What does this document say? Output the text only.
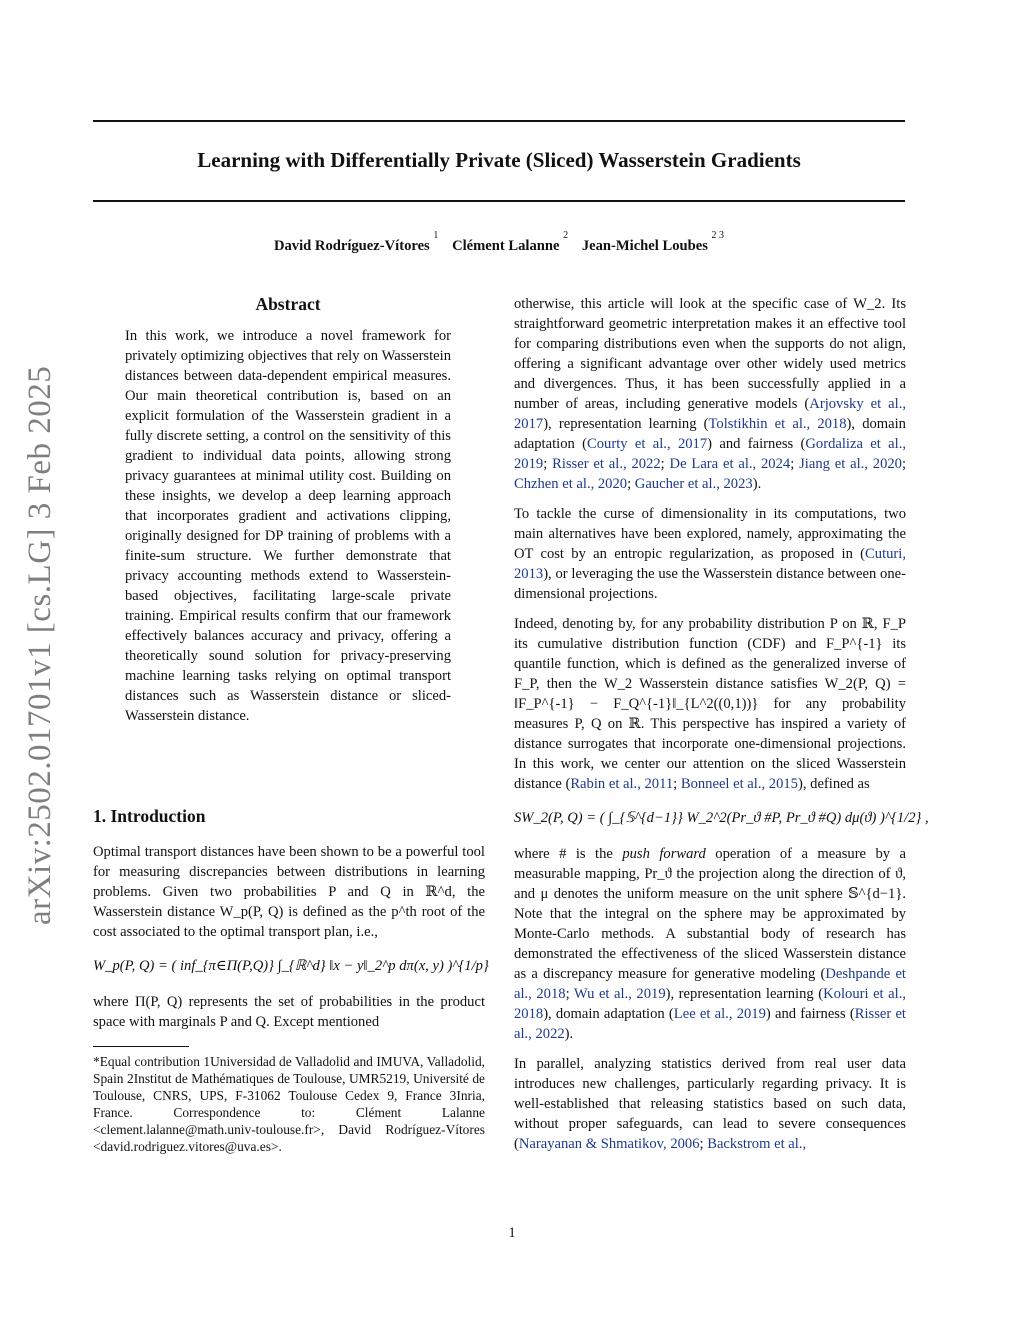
Learning with Differentially Private (Sliced) Wasserstein Gradients
David Rodríguez-Vítores $^1$ Clément Lalanne $^2$ Jean-Michel Loubes $^{2 3}$
arXiv:2502.01701v1 [cs.LG] 3 Feb 2025
Abstract

In this work, we introduce a novel framework for privately optimizing objectives that rely on Wasserstein distances between data-dependent empirical measures. Our main theoretical contribution is, based on an explicit formulation of the Wasserstein gradient in a fully discrete setting, a control on the sensitivity of this gradient to individual data points, allowing strong privacy guarantees at minimal utility cost. Building on these insights, we develop a deep learning approach that incorporates gradient and activations clipping, originally designed for DP training of problems with a finite-sum structure. We further demonstrate that privacy accounting methods extend to Wasserstein-based objectives, facilitating large-scale private training. Empirical results confirm that our framework effectively balances accuracy and privacy, offering a theoretically sound solution for privacy-preserving machine learning tasks relying on optimal transport distances such as Wasserstein distance or sliced-Wasserstein distance.

1. Introduction

Optimal transport distances have been shown to be a powerful tool for measuring discrepancies between distributions in learning problems. Given two probabilities P and Q in ℝ^d, the Wasserstein distance W_p(P, Q) is defined as the p^th root of the cost associated to the optimal transport plan, i.e.,

W_p(P, Q) = ( inf_{π∈Π(P,Q)} ∫_{ℝ^d} ‖x − y‖_2^p dπ(x, y) )^{1/p}

where Π(P, Q) represents the set of probabilities in the product space with marginals P and Q. Except mentioned

*Equal contribution 1Universidad de Valladolid and IMUVA, Valladolid, Spain 2Institut de Mathématiques de Toulouse, UMR5219, Université de Toulouse, CNRS, UPS, F-31062 Toulouse Cedex 9, France 3Inria, France. Correspondence to: Clément Lalanne <clement.lalanne@math.univ-toulouse.fr>, David Rodríguez-Vítores <david.rodriguez.vitores@uva.es>.

otherwise, this article will look at the specific case of W_2. Its straightforward geometric interpretation makes it an effective tool for comparing distributions even when the supports do not align, offering a significant advantage over other widely used metrics and divergences. Thus, it has been successfully applied in a number of areas, including generative models (Arjovsky et al., 2017), representation learning (Tolstikhin et al., 2018), domain adaptation (Courty et al., 2017) and fairness (Gordaliza et al., 2019; Risser et al., 2022; De Lara et al., 2024; Jiang et al., 2020; Chzhen et al., 2020; Gaucher et al., 2023).

To tackle the curse of dimensionality in its computations, two main alternatives have been explored, namely, approximating the OT cost by an entropic regularization, as proposed in (Cuturi, 2013), or leveraging the use the Wasserstein distance between one-dimensional projections.

Indeed, denoting by, for any probability distribution P on ℝ, F_P its cumulative distribution function (CDF) and F_P^{-1} its quantile function, which is defined as the generalized inverse of F_P, then the W_2 Wasserstein distance satisfies W_2(P, Q) = ‖F_P^{-1} − F_Q^{-1}‖_{L^2((0,1))} for any probability measures P, Q on ℝ. This perspective has inspired a variety of distance surrogates that incorporate one-dimensional projections. In this work, we center our attention on the sliced Wasserstein distance (Rabin et al., 2011; Bonneel et al., 2015), defined as

SW_2(P, Q) = ( ∫_{𝕊^{d−1}} W_2^2(Pr_ϑ #P, Pr_ϑ #Q) dμ(ϑ) )^{1/2} ,

where # is the push forward operation of a measure by a measurable mapping, Pr_ϑ the projection along the direction of ϑ, and μ denotes the uniform measure on the unit sphere 𝕊^{d−1}. Note that the integral on the sphere may be approximated by Monte-Carlo methods. A substantial body of research has demonstrated the effectiveness of the sliced Wasserstein distance as a discrepancy measure for generative modeling (Deshpande et al., 2018; Wu et al., 2019), representation learning (Kolouri et al., 2018), domain adaptation (Lee et al., 2019) and fairness (Risser et al., 2022).

In parallel, analyzing statistics derived from real user data introduces new challenges, particularly regarding privacy. It is well-established that releasing statistics based on such data, without proper safeguards, can lead to severe consequences (Narayanan & Shmatikov, 2006; Backstrom et al.,

1
